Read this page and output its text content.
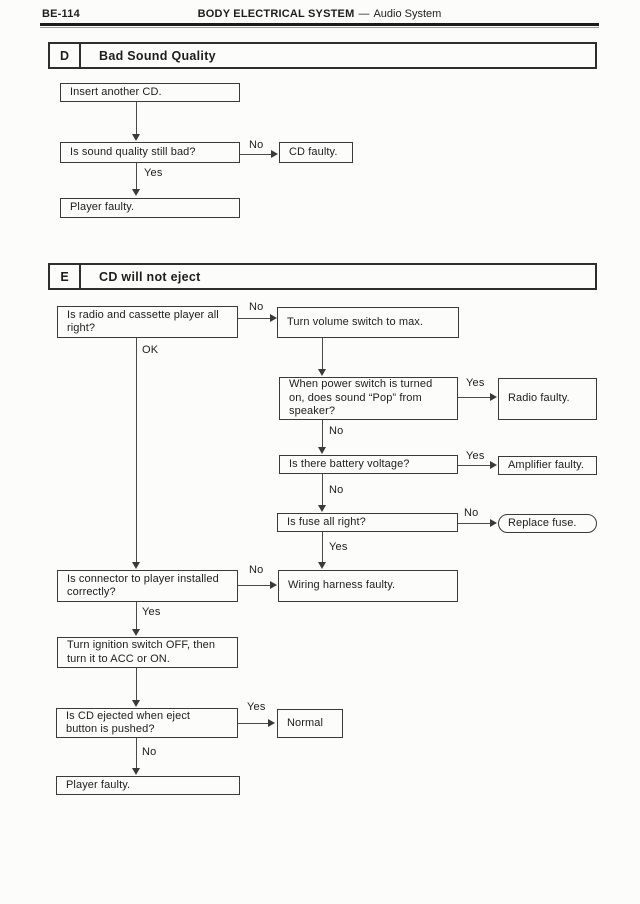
BE-114	BODY ELECTRICAL SYSTEM — Audio System
D	Bad Sound Quality
Insert another CD.
Is sound quality still bad?	CD faulty.
Player faulty.
No
Yes
E	CD will not eject
Is radio and cassette player all right?
Turn volume switch to max.
When power switch is turned on, does sound “Pop” from speaker?
Radio faulty.
Is there battery voltage?	Amplifier faulty.
Is fuse all right?	Replace fuse.
Is connector to player installed correctly?
Wiring harness faulty.
Turn ignition switch OFF, then turn it to ACC or ON.
Is CD ejected when eject button is pushed?
Normal
Player faulty.
No
OK
Yes
No
Yes
No
No
Yes
No
Yes
Yes
No
